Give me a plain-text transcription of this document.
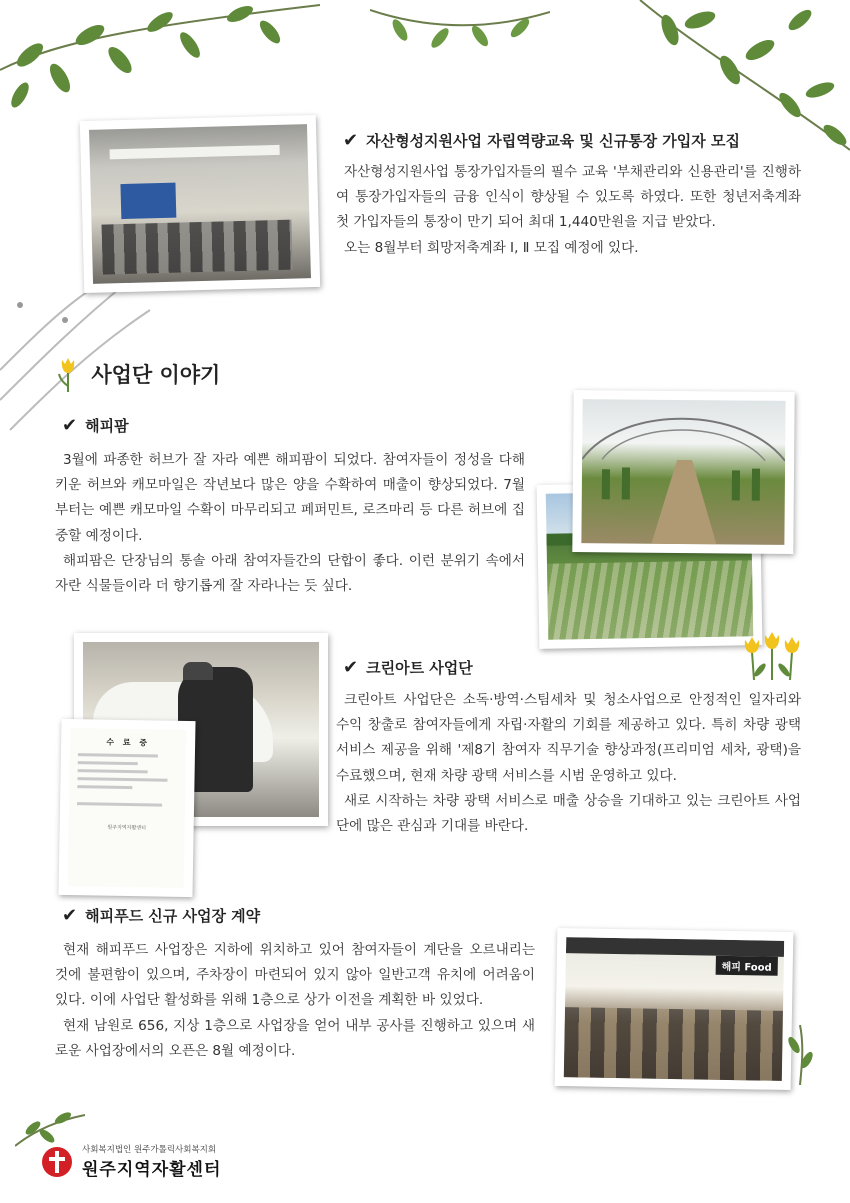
✔ 자산형성지원사업 자립역량교육 및 신규통장 가입자 모집

자산형성지원사업 통장가입자들의 필수 교육 '부채관리와 신용관리'를 진행하여 통장가입자들의 금융 인식이 향상될 수 있도록 하였다. 또한 청년저축계좌 첫 가입자들의 통장이 만기 되어 최대 1,440만원을 지급 받았다.

오는 8월부터 희망저축계좌 Ⅰ, Ⅱ 모집 예정에 있다.

사업단 이야기
✔ 해피팜

3월에 파종한 허브가 잘 자라 예쁜 해피팜이 되었다. 참여자들이 정성을 다해 키운 허브와 캐모마일은 작년보다 많은 양을 수확하여 매출이 향상되었다. 7월부터는 예쁜 캐모마일 수확이 마무리되고 페퍼민트, 로즈마리 등 다른 허브에 집중할 예정이다.

해피팜은 단장님의 통솔 아래 참여자들간의 단합이 좋다. 이런 분위기 속에서 자란 식물들이라 더 향기롭게 잘 자라나는 듯 싶다.

수 료 증
원주지역자활센터
✔ 크린아트 사업단

크린아트 사업단은 소독·방역·스팀세차 및 청소사업으로 안정적인 일자리와 수익 창출로 참여자들에게 자립·자활의 기회를 제공하고 있다. 특히 차량 광택 서비스 제공을 위해 '제8기 참여자 직무기술 향상과정(프리미엄 세차, 광택)을 수료했으며, 현재 차량 광택 서비스를 시범 운영하고 있다.

새로 시작하는 차량 광택 서비스로 매출 상승을 기대하고 있는 크린아트 사업단에 많은 관심과 기대를 바란다.

✔ 해피푸드 신규 사업장 계약

현재 해피푸드 사업장은 지하에 위치하고 있어 참여자들이 계단을 오르내리는 것에 불편함이 있으며, 주차장이 마련되어 있지 않아 일반고객 유치에 어려움이 있다. 이에 사업단 활성화를 위해 1층으로 상가 이전을 계획한 바 있었다.

현재 남원로 656, 지상 1층으로 사업장을 얻어 내부 공사를 진행하고 있으며 새로운 사업장에서의 오픈은 8월 예정이다.

해피 Food
사회복지법인 원주가톨릭사회복지회
원주지역자활센터
